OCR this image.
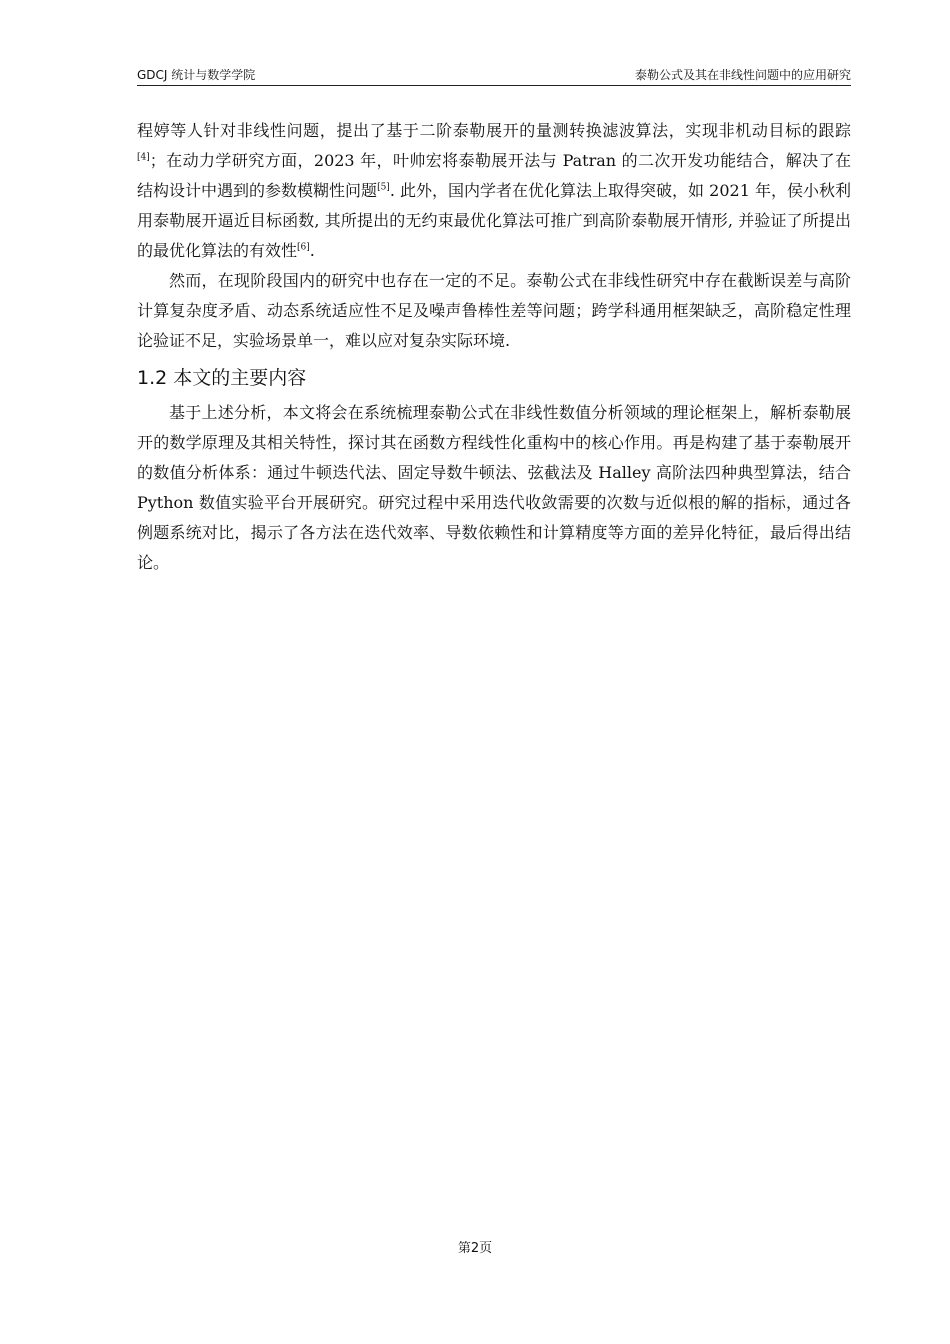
GDCJ 统计与数学学院	泰勒公式及其在非线性问题中的应用研究

程婷等人针对非线性问题，提出了基于二阶泰勒展开的量测转换滤波算法，实现非机动目标的跟踪[4]；在动力学研究方面，2023 年，叶帅宏将泰勒展开法与 Patran 的二次开发功能结合，解决了在结构设计中遇到的参数模糊性问题[5]. 此外，国内学者在优化算法上取得突破，如 2021 年，侯小秋利用泰勒展开逼近目标函数, 其所提出的无约束最优化算法可推广到高阶泰勒展开情形, 并验证了所提出的最优化算法的有效性[6].

然而，在现阶段国内的研究中也存在一定的不足。泰勒公式在非线性研究中存在截断误差与高阶计算复杂度矛盾、动态系统适应性不足及噪声鲁棒性差等问题；跨学科通用框架缺乏，高阶稳定性理论验证不足，实验场景单一，难以应对复杂实际环境.

1.2 本文的主要内容

基于上述分析，本文将会在系统梳理泰勒公式在非线性数值分析领域的理论框架上，解析泰勒展开的数学原理及其相关特性，探讨其在函数方程线性化重构中的核心作用。再是构建了基于泰勒展开的数值分析体系：通过牛顿迭代法、固定导数牛顿法、弦截法及 Halley 高阶法四种典型算法，结合 Python 数值实验平台开展研究。研究过程中采用迭代收敛需要的次数与近似根的解的指标，通过各例题系统对比，揭示了各方法在迭代效率、导数依赖性和计算精度等方面的差异化特征，最后得出结论。

第2页
